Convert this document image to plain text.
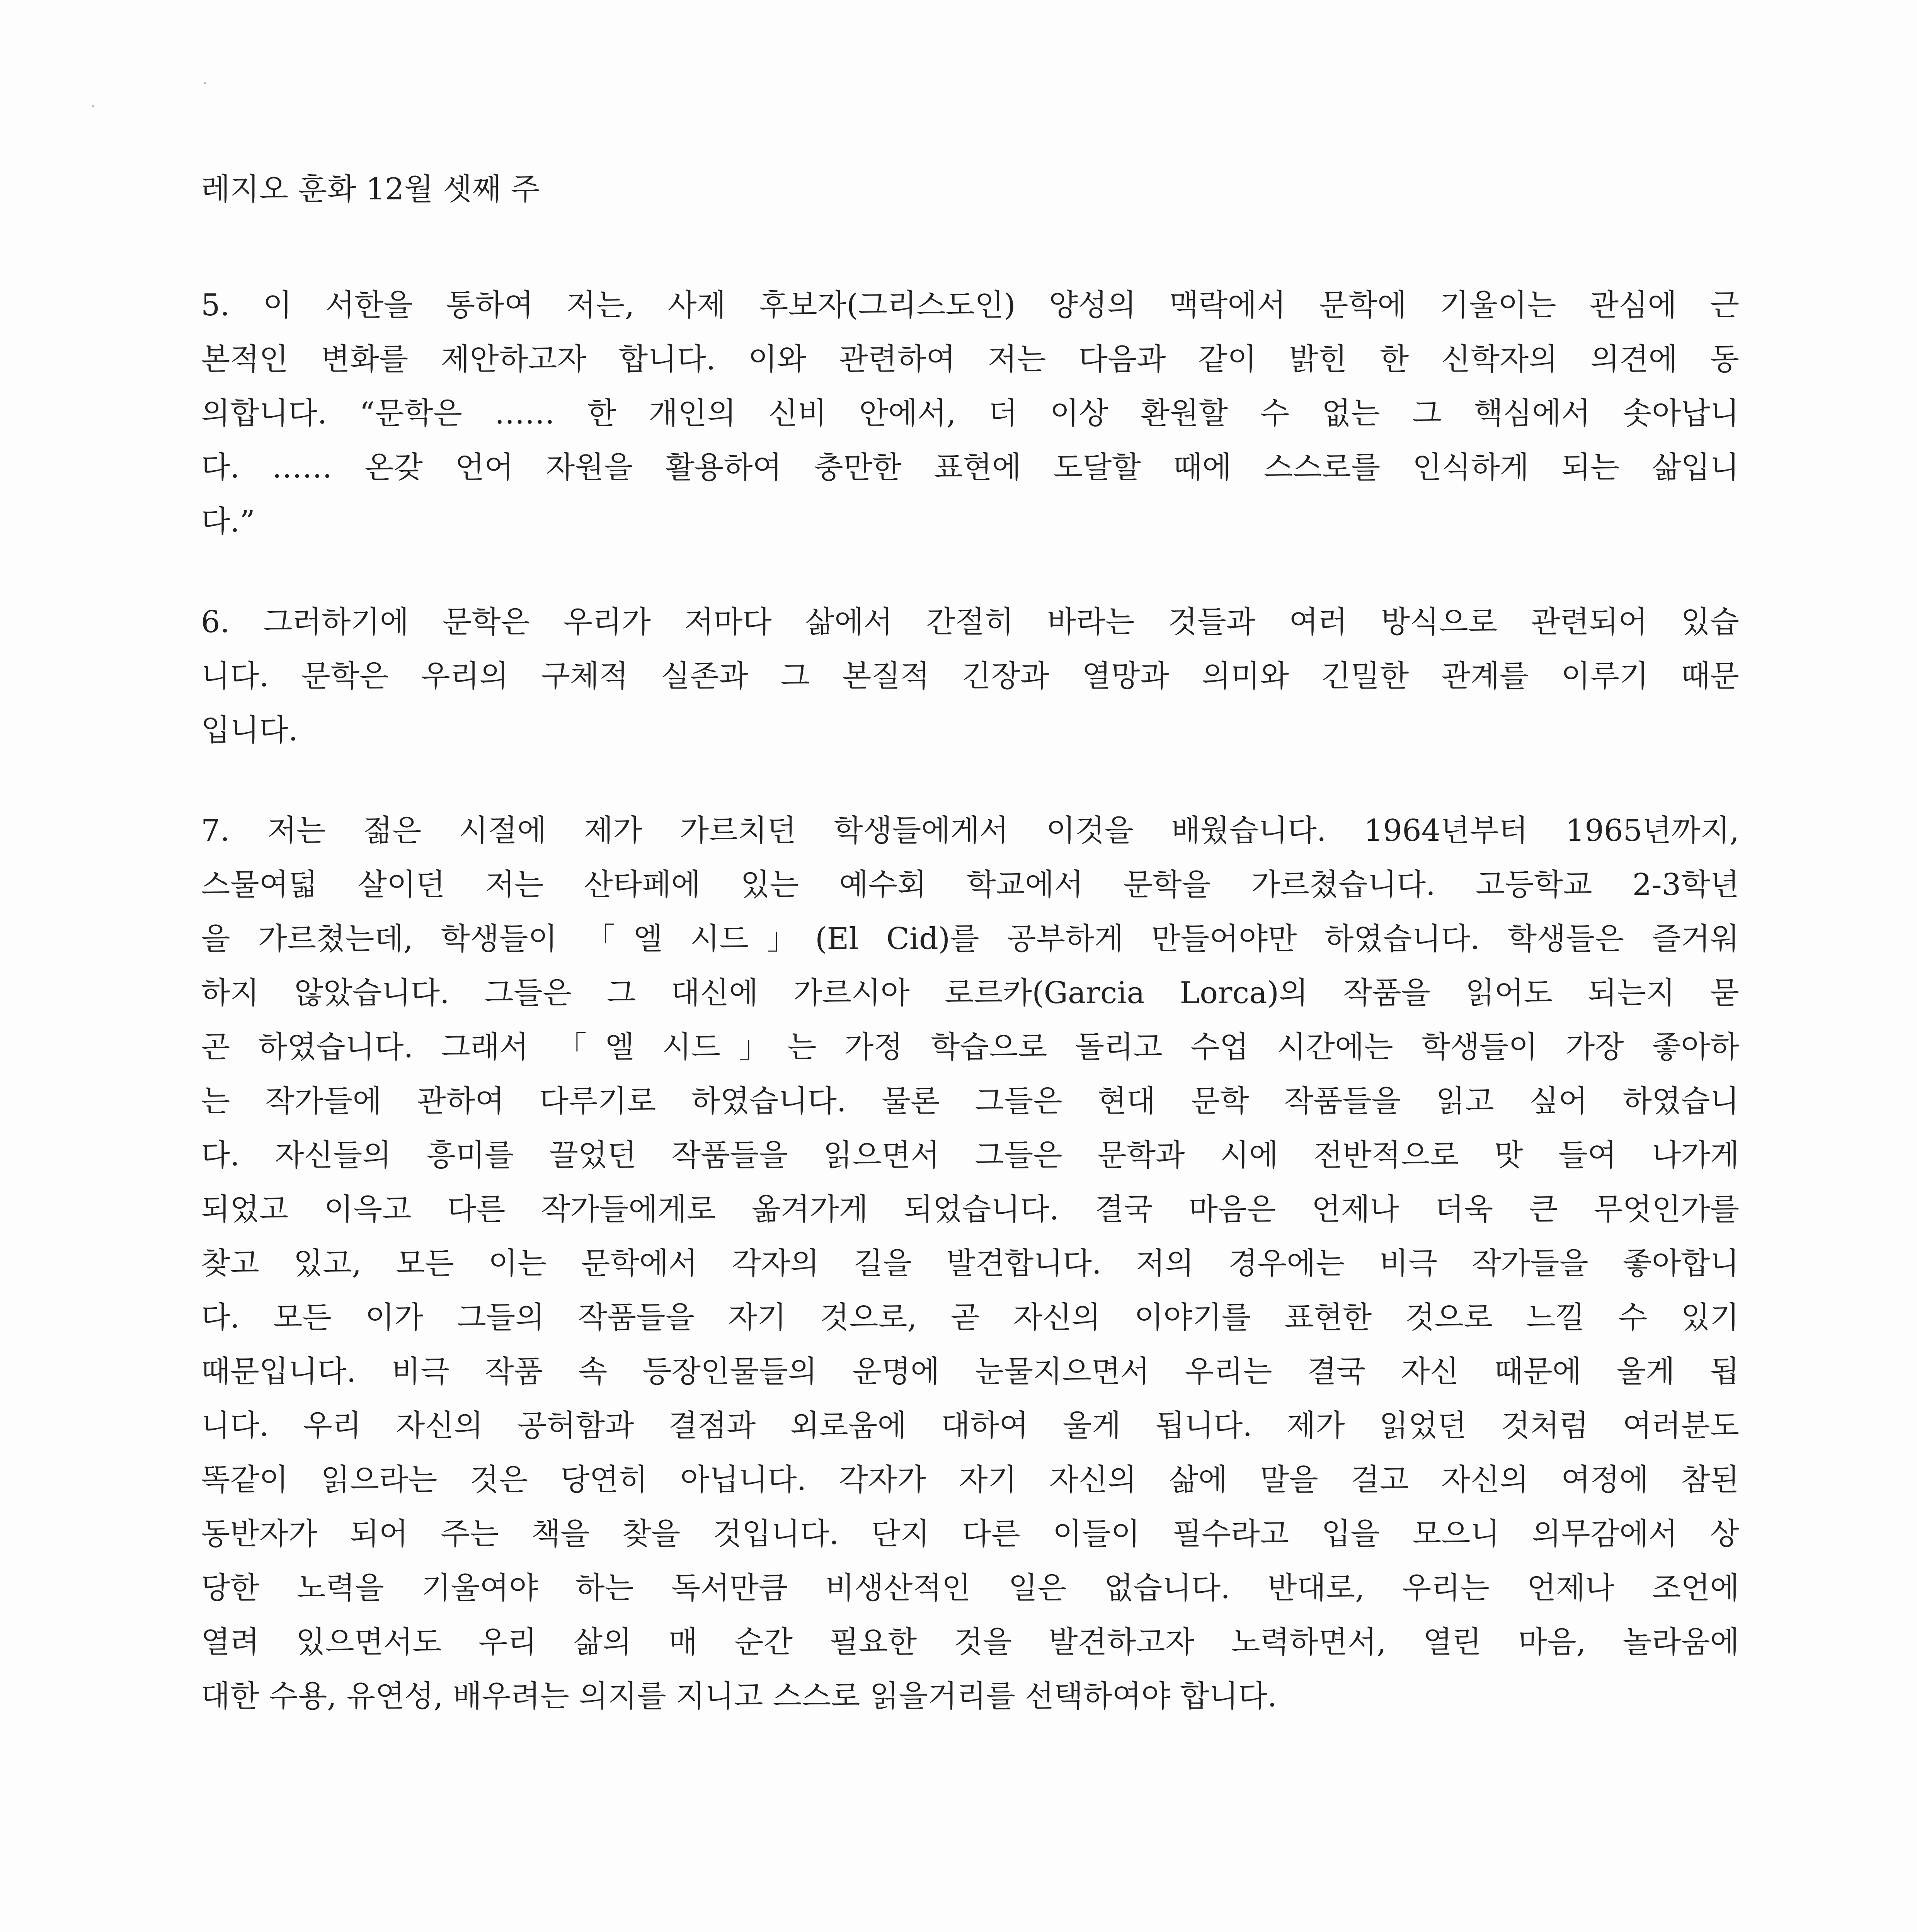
레지오 훈화 12월 셋째 주
5. 이 서한을 통하여 저는, 사제 후보자(그리스도인) 양성의 맥락에서 문학에 기울이는 관심에 근
본적인 변화를 제안하고자 합니다. 이와 관련하여 저는 다음과 같이 밝힌 한 신학자의 의견에 동
의합니다. “문학은 …… 한 개인의 신비 안에서, 더 이상 환원할 수 없는 그 핵심에서 솟아납니
다. …… 온갖 언어 자원을 활용하여 충만한 표현에 도달할 때에 스스로를 인식하게 되는 삶입니
다.”
6. 그러하기에 문학은 우리가 저마다 삶에서 간절히 바라는 것들과 여러 방식으로 관련되어 있습
니다. 문학은 우리의 구체적 실존과 그 본질적 긴장과 열망과 의미와 긴밀한 관계를 이루기 때문
입니다.
7. 저는 젊은 시절에 제가 가르치던 학생들에게서 이것을 배웠습니다. 1964년부터 1965년까지,
스물여덟 살이던 저는 산타페에 있는 예수회 학교에서 문학을 가르쳤습니다. 고등학교 2-3학년
을 가르쳤는데, 학생들이 「엘 시드」(El Cid)를 공부하게 만들어야만 하였습니다. 학생들은 즐거워
하지 않았습니다. 그들은 그 대신에 가르시아 로르카(Garcia Lorca)의 작품을 읽어도 되는지 묻
곤 하였습니다. 그래서 「엘 시드」는 가정 학습으로 돌리고 수업 시간에는 학생들이 가장 좋아하
는 작가들에 관하여 다루기로 하였습니다. 물론 그들은 현대 문학 작품들을 읽고 싶어 하였습니
다. 자신들의 흥미를 끌었던 작품들을 읽으면서 그들은 문학과 시에 전반적으로 맛 들여 나가게
되었고 이윽고 다른 작가들에게로 옮겨가게 되었습니다. 결국 마음은 언제나 더욱 큰 무엇인가를
찾고 있고, 모든 이는 문학에서 각자의 길을 발견합니다. 저의 경우에는 비극 작가들을 좋아합니
다. 모든 이가 그들의 작품들을 자기 것으로, 곧 자신의 이야기를 표현한 것으로 느낄 수 있기
때문입니다. 비극 작품 속 등장인물들의 운명에 눈물지으면서 우리는 결국 자신 때문에 울게 됩
니다. 우리 자신의 공허함과 결점과 외로움에 대하여 울게 됩니다. 제가 읽었던 것처럼 여러분도
똑같이 읽으라는 것은 당연히 아닙니다. 각자가 자기 자신의 삶에 말을 걸고 자신의 여정에 참된
동반자가 되어 주는 책을 찾을 것입니다. 단지 다른 이들이 필수라고 입을 모으니 의무감에서 상
당한 노력을 기울여야 하는 독서만큼 비생산적인 일은 없습니다. 반대로, 우리는 언제나 조언에
열려 있으면서도 우리 삶의 매 순간 필요한 것을 발견하고자 노력하면서, 열린 마음, 놀라움에
대한 수용, 유연성, 배우려는 의지를 지니고 스스로 읽을거리를 선택하여야 합니다.
